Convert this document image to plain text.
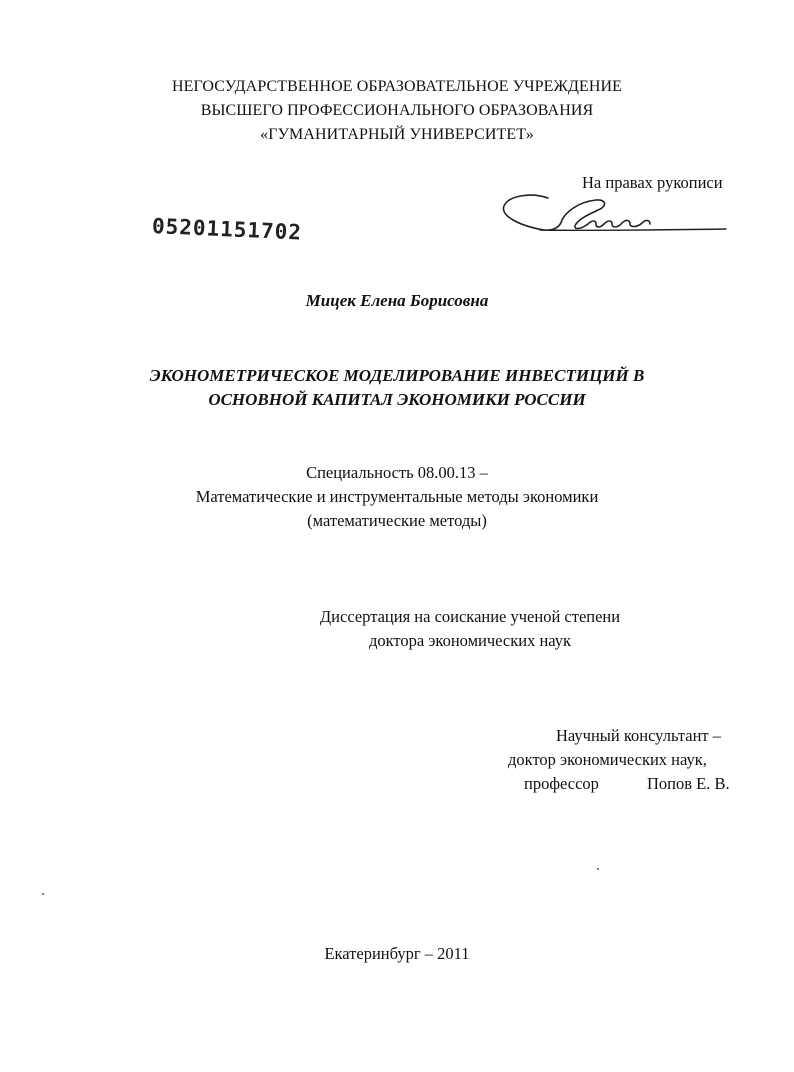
НЕГОСУДАРСТВЕННОЕ ОБРАЗОВАТЕЛЬНОЕ УЧРЕЖДЕНИЕ
ВЫСШЕГО ПРОФЕССИОНАЛЬНОГО ОБРАЗОВАНИЯ
«ГУМАНИТАРНЫЙ УНИВЕРСИТЕТ»
На правах рукописи
05201151702
Мицек Елена Борисовна
ЭКОНОМЕТРИЧЕСКОЕ МОДЕЛИРОВАНИЕ ИНВЕСТИЦИЙ В
ОСНОВНОЙ КАПИТАЛ ЭКОНОМИКИ РОССИИ
Специальность 08.00.13 –
Математические и инструментальные методы экономики
(математические методы)
Диссертация на соискание ученой степени
доктора экономических наук
Научный консультант –
доктор экономических наук,
профессор	Попов Е. В.
Екатеринбург – 2011
